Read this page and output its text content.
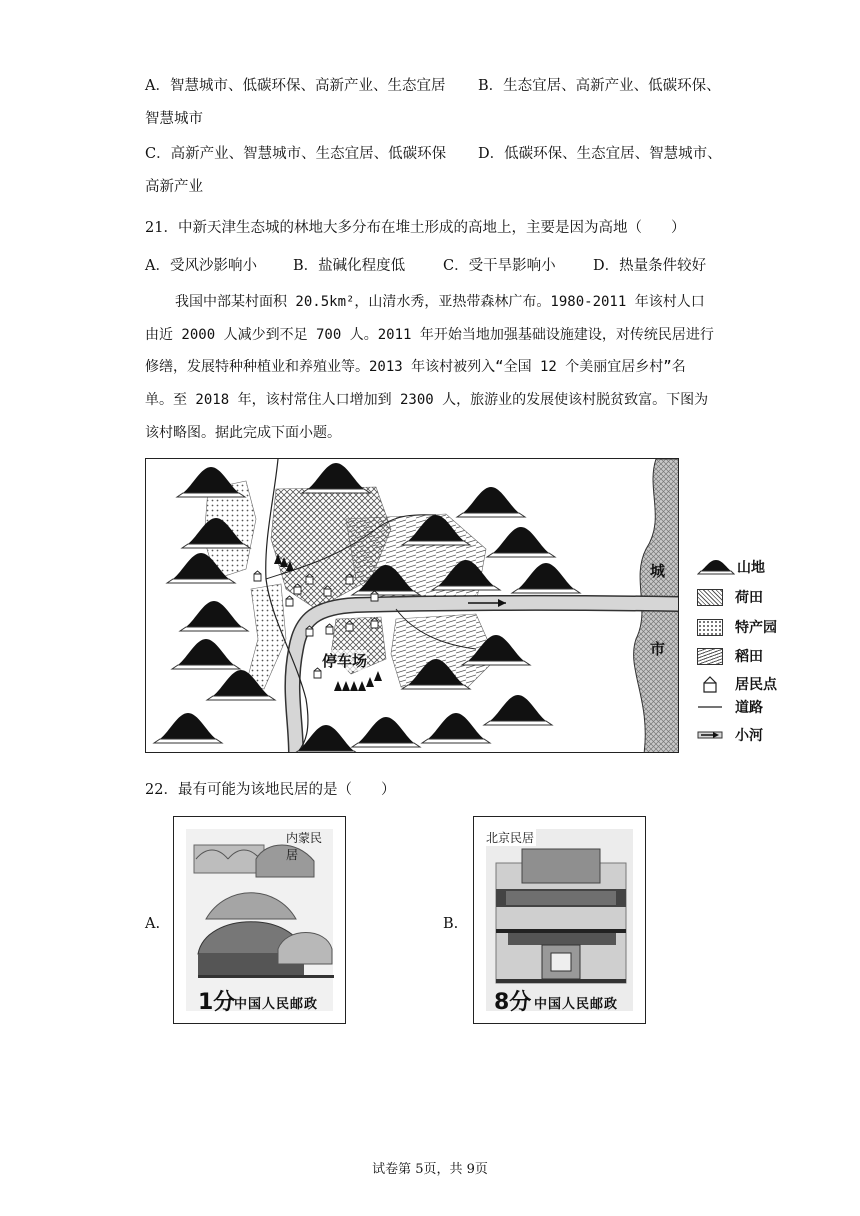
A．智慧城市、低碳环保、高新产业、生态宜居 B．生态宜居、高新产业、低碳环保、
智慧城市
C．高新产业、智慧城市、生态宜居、低碳环保 D．低碳环保、生态宜居、智慧城市、
高新产业
21．中新天津生态城的林地大多分布在堆土形成的高地上，主要是因为高地（　　）
A．受风沙影响小 B．盐碱化程度低	C．受干旱影响小	D．热量条件较好
我国中部某村面积 20.5km²，山清水秀，亚热带森林广布。1980-2011 年该村人口
由近 2000 人减少到不足 700 人。2011 年开始当地加强基础设施建设，对传统民居进行
修缮，发展特种种植业和养殖业等。2013 年该村被列入“全国 12 个美丽宜居乡村”名
单。至 2018 年，该村常住人口增加到 2300 人，旅游业的发展使该村脱贫致富。下图为
该村略图。据此完成下面小题。
城
市
停车场
山地
荷田
特产园
稻田
居民点
道路
小河
22．最有可能为该地民居的是（　　）
A.	B.
内蒙民居
1分
中国人民邮政
北京民居
8分 中国人民邮政
试卷第 5页，共 9页
